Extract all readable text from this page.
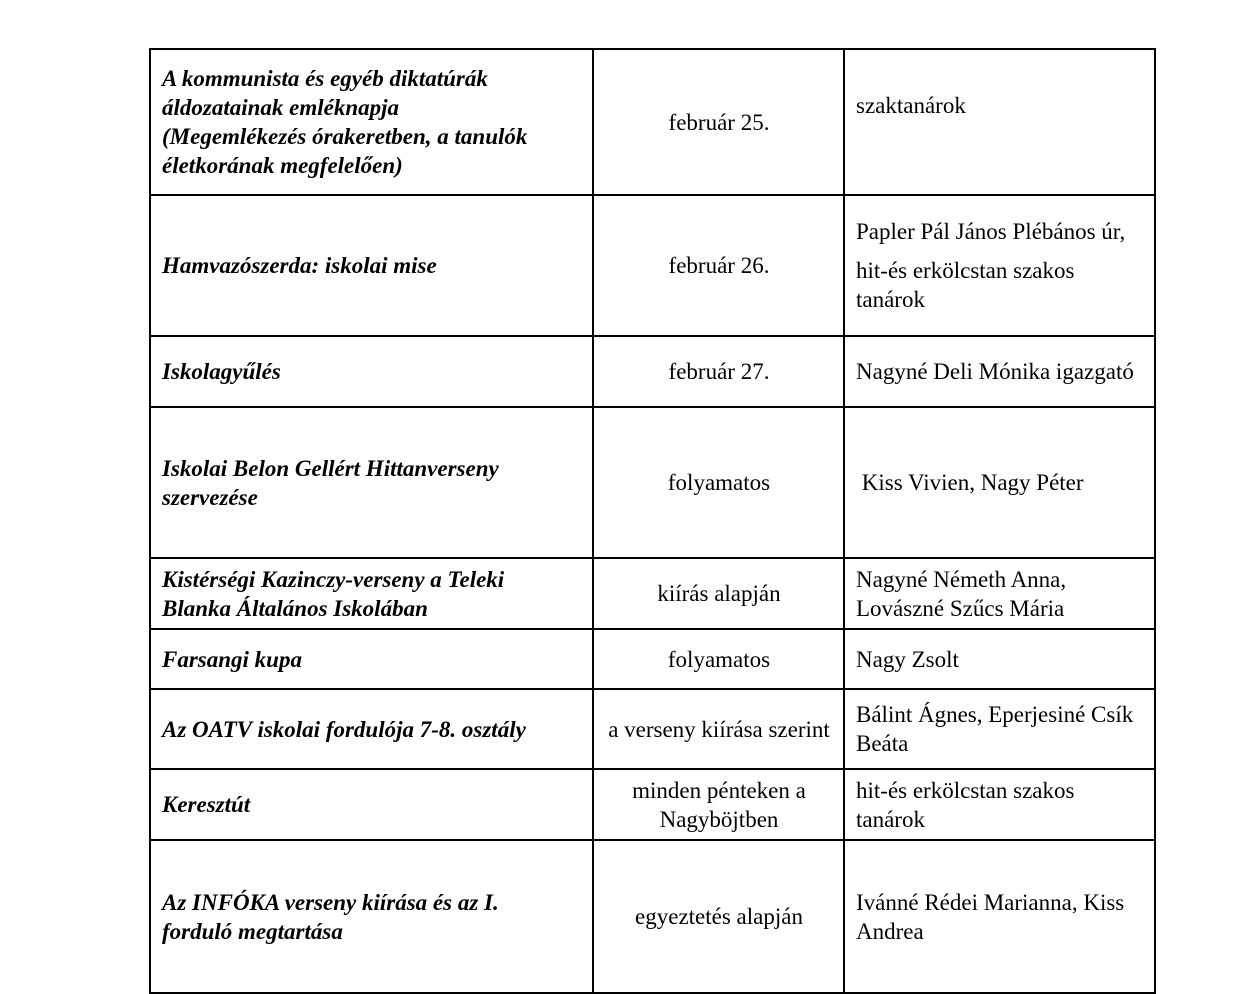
A kommunista és egyéb diktatúrák
áldozatainak emléknapja
(Megemlékezés órakeretben, a tanulók
életkorának megfelelően)	február 25.	szaktanárok

Hamvazószerda: iskolai mise	február 26.	Papler Pál János Plébános úr,
hit-és erkölcstan szakos tanárok

Iskolagyűlés	február 27.	Nagyné Deli Mónika igazgató

Iskolai Belon Gellért Hittanverseny
szervezése	folyamatos	Kiss Vivien, Nagy Péter

Kistérségi Kazinczy-verseny a Teleki
Blanka Általános Iskolában	kiírás alapján	Nagyné Németh Anna, Lovászné Szűcs Mária

Farsangi kupa	folyamatos	Nagy Zsolt

Az OATV iskolai fordulója 7-8. osztály	a verseny kiírása szerint	Bálint Ágnes, Eperjesiné Csík Beáta

Keresztút	minden pénteken a Nagyböjtben	hit-és erkölcstan szakos tanárok

Az INFÓKA verseny kiírása és az I.
forduló megtartása	egyeztetés alapján	Ivánné Rédei Marianna, Kiss Andrea
